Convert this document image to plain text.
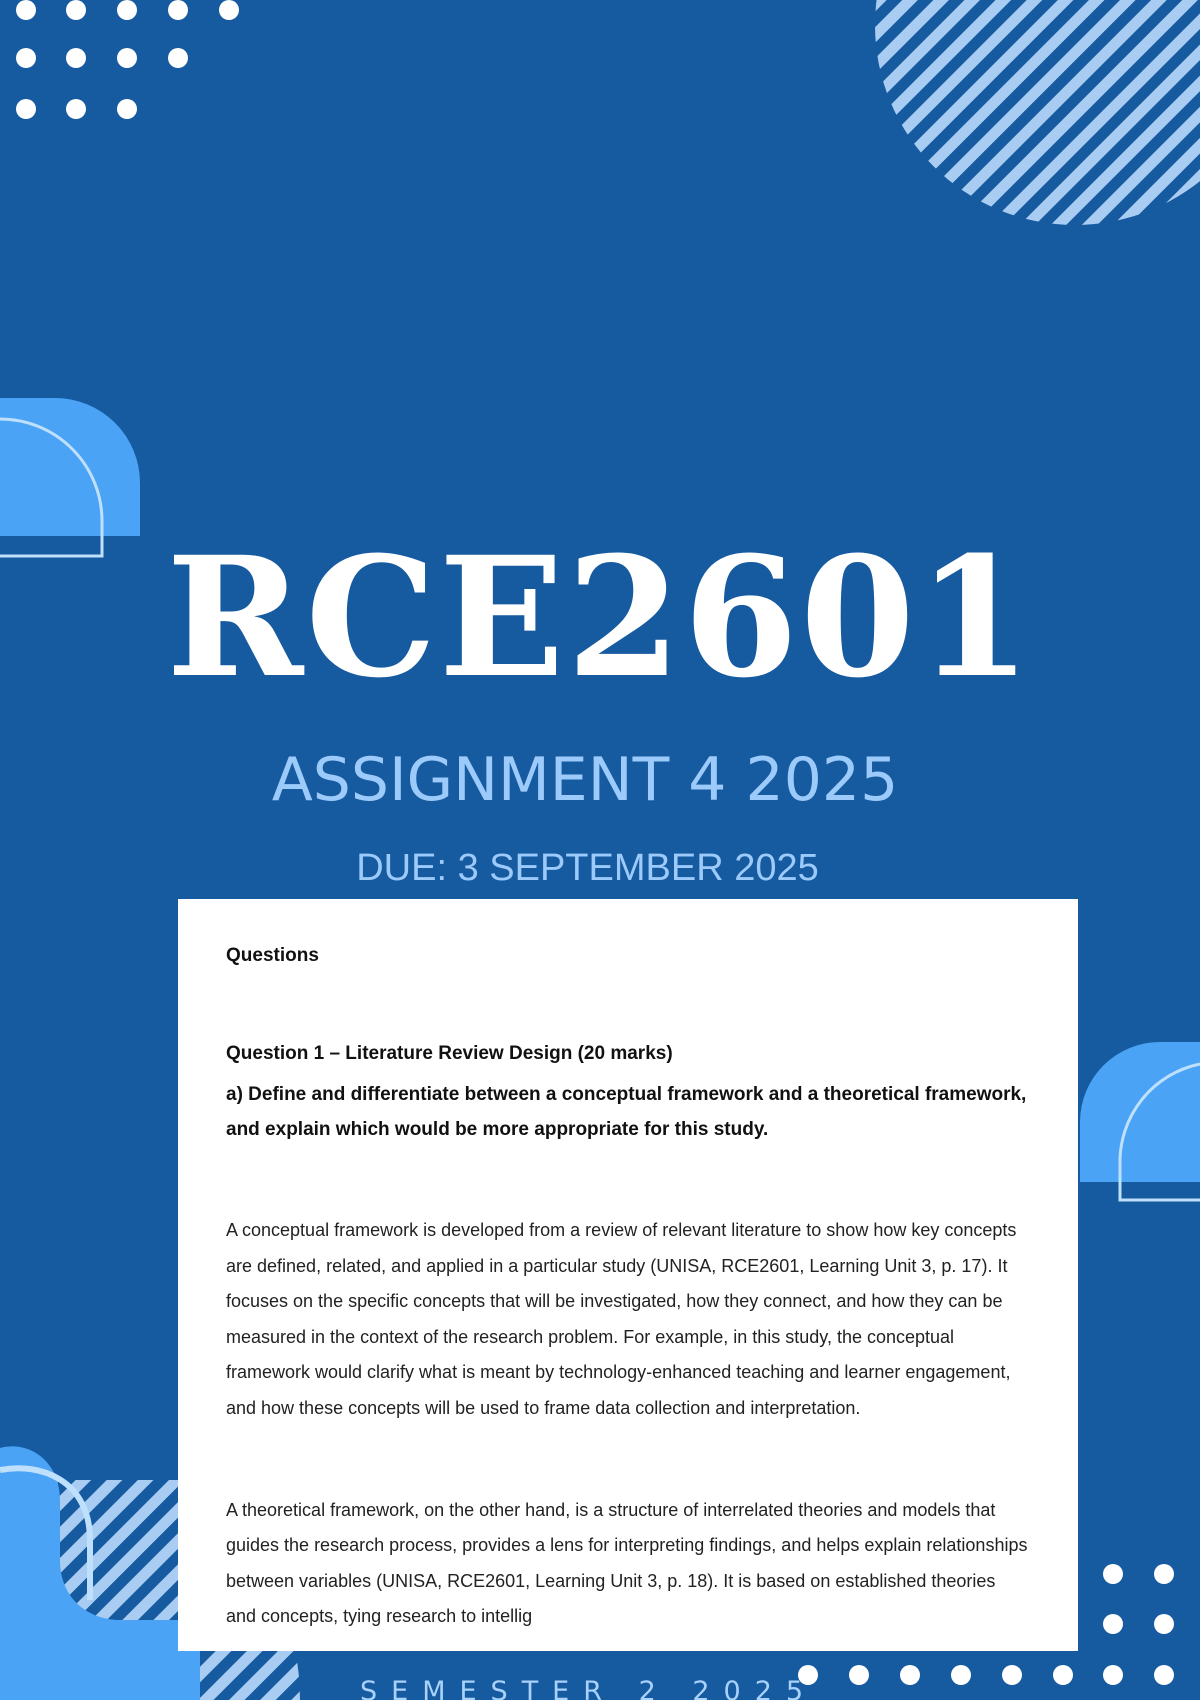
RCE2601
ASSIGNMENT 4 2025
DUE: 3 SEPTEMBER 2025
Questions
Question 1 – Literature Review Design (20 marks)
a) Define and differentiate between a conceptual framework and a theoretical framework, and explain which would be more appropriate for this study.

A conceptual framework is developed from a review of relevant literature to show how key concepts are defined, related, and applied in a particular study (UNISA, RCE2601, Learning Unit 3, p. 17). It focuses on the specific concepts that will be investigated, how they connect, and how they can be measured in the context of the research problem. For example, in this study, the conceptual framework would clarify what is meant by technology-enhanced teaching and learner engagement, and how these concepts will be used to frame data collection and interpretation.

A theoretical framework, on the other hand, is a structure of interrelated theories and models that guides the research process, provides a lens for interpreting findings, and helps explain relationships between variables (UNISA, RCE2601, Learning Unit 3, p. 18). It is based on established theories and concepts, tying research to intellig

SEMESTER 2 2025
